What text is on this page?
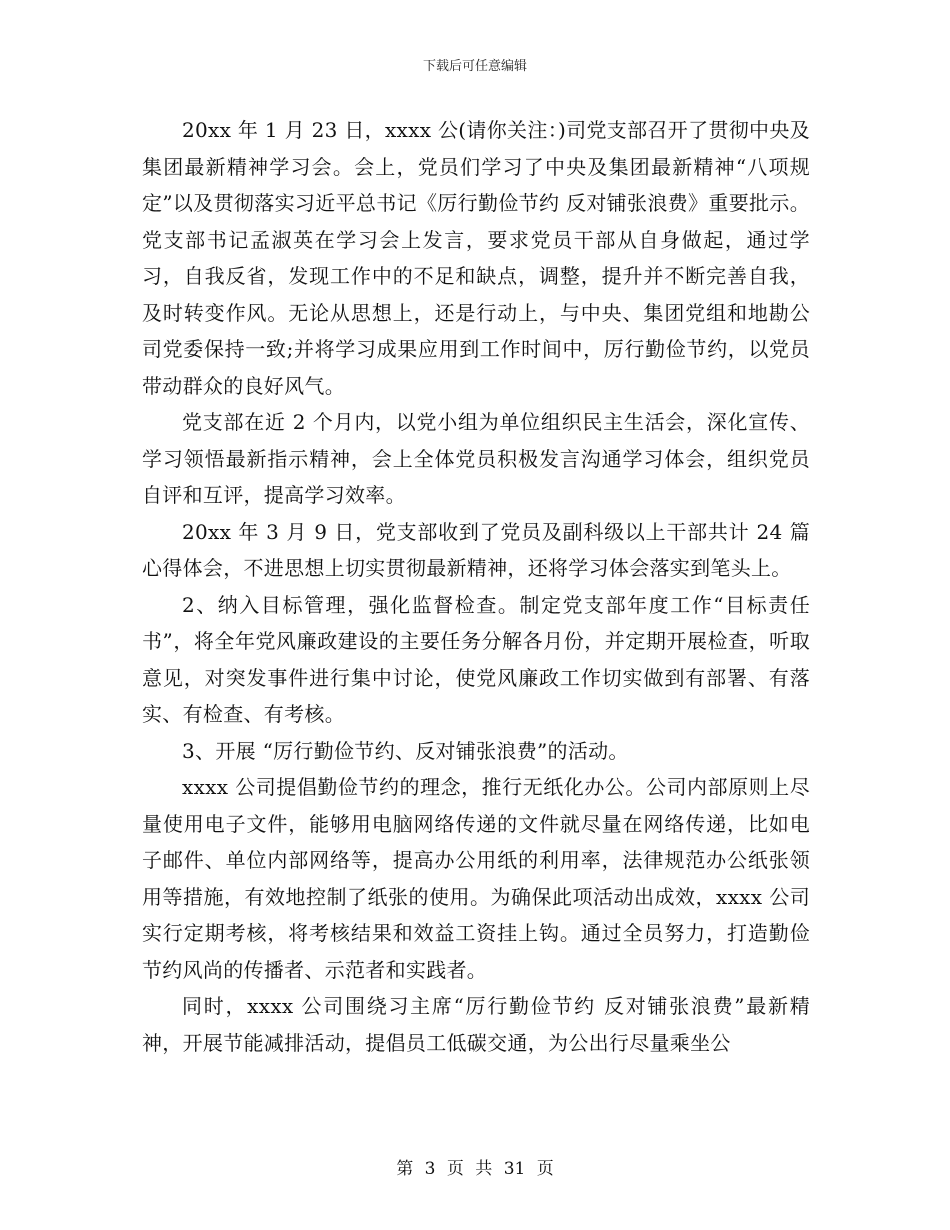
下载后可任意编辑

20xx 年 1 月 23 日，xxxx 公(请你关注：)司党支部召开了贯彻中央及集团最新精神学习会。会上，党员们学习了中央及集团最新精神“八项规定”以及贯彻落实习近平总书记《厉行勤俭节约 反对铺张浪费》重要批示。党支部书记孟淑英在学习会上发言，要求党员干部从自身做起，通过学习，自我反省，发现工作中的不足和缺点，调整，提升并不断完善自我，及时转变作风。无论从思想上，还是行动上，与中央、集团党组和地勘公司党委保持一致;并将学习成果应用到工作时间中，厉行勤俭节约，以党员带动群众的良好风气。

党支部在近 2 个月内，以党小组为单位组织民主生活会，深化宣传、学习领悟最新指示精神，会上全体党员积极发言沟通学习体会，组织党员自评和互评，提高学习效率。

20xx 年 3 月 9 日，党支部收到了党员及副科级以上干部共计 24 篇心得体会，不进思想上切实贯彻最新精神，还将学习体会落实到笔头上。

2、纳入目标管理，强化监督检查。制定党支部年度工作“目标责任书”，将全年党风廉政建设的主要任务分解各月份，并定期开展检查，听取意见，对突发事件进行集中讨论，使党风廉政工作切实做到有部署、有落实、有检查、有考核。

3、开展 “厉行勤俭节约、反对铺张浪费”的活动。

xxxx 公司提倡勤俭节约的理念，推行无纸化办公。公司内部原则上尽量使用电子文件，能够用电脑网络传递的文件就尽量在网络传递，比如电子邮件、单位内部网络等，提高办公用纸的利用率，法律规范办公纸张领用等措施，有效地控制了纸张的使用。为确保此项活动出成效，xxxx 公司实行定期考核，将考核结果和效益工资挂上钩。通过全员努力，打造勤俭节约风尚的传播者、示范者和实践者。

同时，xxxx 公司围绕习主席“厉行勤俭节约 反对铺张浪费”最新精神，开展节能减排活动，提倡员工低碳交通，为公出行尽量乘坐公

第 3 页 共 31 页
